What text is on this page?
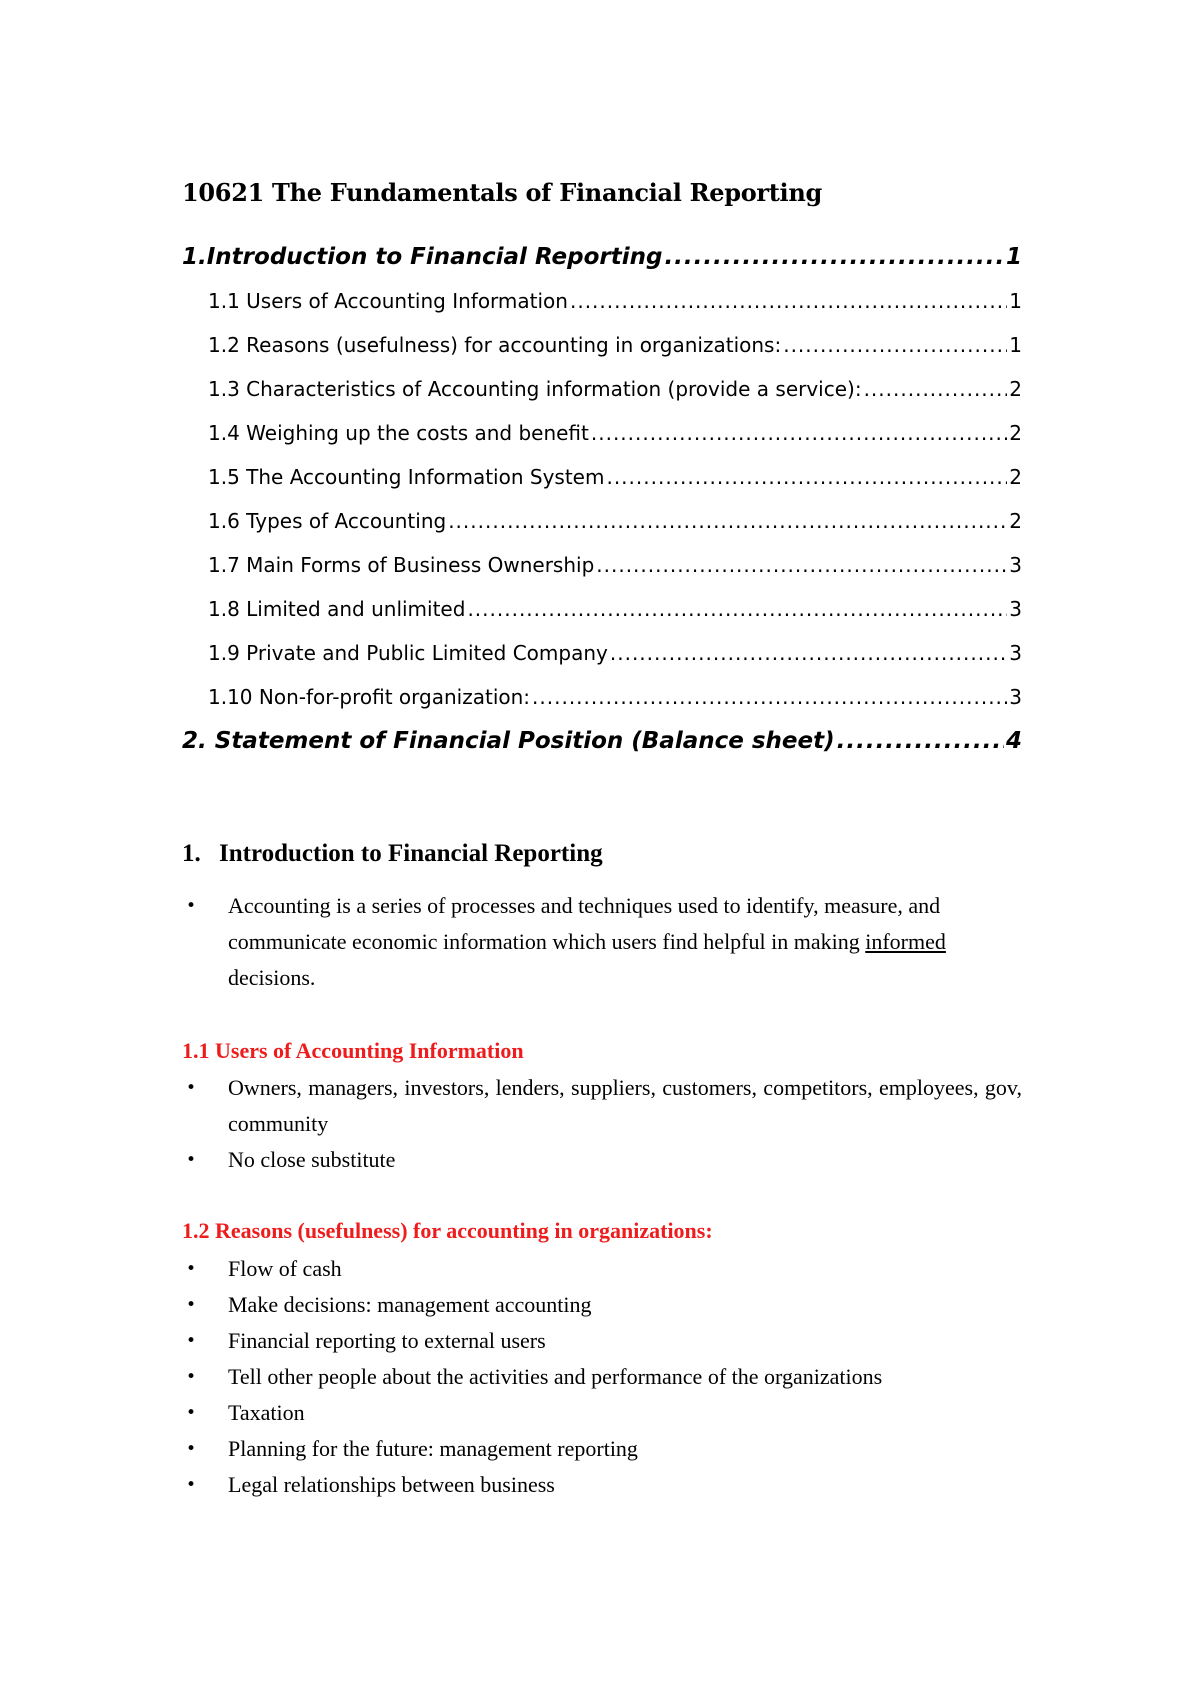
10621 The Fundamentals of Financial Reporting
1. Introduction to Financial Reporting .....	1
1.1 Users of Accounting Information .....	1
1.2 Reasons (usefulness) for accounting in organizations: .....	1
1.3 Characteristics of Accounting information (provide a service): .....	2
1.4 Weighing up the costs and benefit .....	2
1.5 The Accounting Information System .....	2
1.6 Types of Accounting .....	2
1.7 Main Forms of Business Ownership .....	3
1.8 Limited and unlimited .....	3
1.9 Private and Public Limited Company .....	3
1.10 Non-for-profit organization: .....	3
2. Statement of Financial Position (Balance sheet) .....	4
1. Introduction to Financial Reporting
• Accounting is a series of processes and techniques used to identify, measure, and communicate economic information which users find helpful in making informed decisions.
1.1 Users of Accounting Information
• Owners, managers, investors, lenders, suppliers, customers, competitors, employees, gov, community
• No close substitute
1.2 Reasons (usefulness) for accounting in organizations:
• Flow of cash
• Make decisions: management accounting
• Financial reporting to external users
• Tell other people about the activities and performance of the organizations
• Taxation
• Planning for the future: management reporting
• Legal relationships between business
